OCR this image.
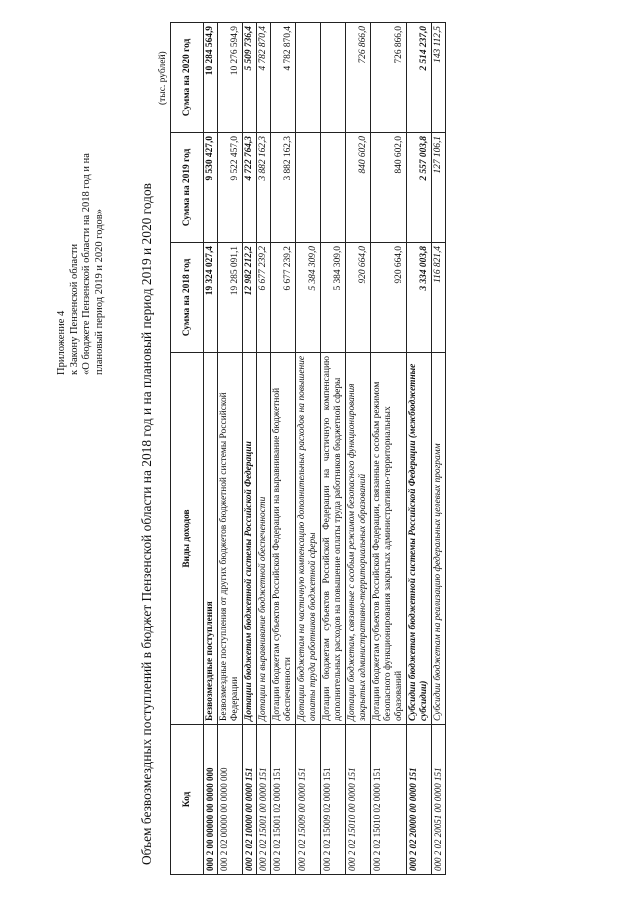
Приложение 4 к Закону Пензенской области «О бюджете Пензенской области на 2018 год и на плановый период 2019 и 2020 годов»	Объем безвозмездных поступлений в бюджет Пензенской области на 2018 год и на плановый период 2019 и 2020 годов
(тыс. рублей)
Код	Виды доходов	Сумма на 2018 год	Сумма на 2019 год	Сумма на 2020 год
000 2 00 00000 00 0000 000	Безвозмездные поступления	19 324 027,4	9 530 427,0	10 284 564,9
000 2 02 00000 00 0000 000	Безвозмездные поступления от других бюджетов бюджетной системы Российской Федерации	19 285 091,1	9 522 457,0	10 276 594,9
000 2 02 10000 00 0000 151	Дотации бюджетам бюджетной системы Российской Федерации	12 982 212,2	4 722 764,3	5 509 736,4
000 2 02 15001 00 0000 151	Дотации на выравнивание бюджетной обеспеченности	6 677 239,2	3 882 162,3	4 782 870,4
000 2 02 15001 02 0000 151	Дотации бюджетам субъектов Российской Федерации на выравнивание бюджетной обеспеченности	6 677 239,2	3 882 162,3	4 782 870,4
000 2 02 15009 00 0000 151	Дотации бюджетам на частичную компенсацию дополнительных расходов на повышение оплаты труда работников бюджетной сферы	5 384 309,0		
000 2 02 15009 02 0000 151	Дотации бюджетам субъектов Российской Федерации на частичную компенсацию дополнительных расходов на повышение оплаты труда работников бюджетной сферы	5 384 309,0		
000 2 02 15010 00 0000 151	Дотации бюджетам, связанные с особым режимом безопасного функционирования закрытых административно-территориальных образований	920 664,0	840 602,0	726 866,0
000 2 02 15010 02 0000 151	Дотации бюджетам субъектов Российской Федерации, связанные с особым режимом безопасного функционирования закрытых административно-территориальных образований	920 664,0	840 602,0	726 866,0
000 2 02 20000 00 0000 151	Субсидии бюджетам бюджетной системы Российской Федерации (межбюджетные субсидии)	3 334 003,8	2 557 003,8	2 514 237,0
000 2 02 20051 00 0000 151	Субсидии бюджетам на реализацию федеральных целевых программ	116 821,4	127 106,1	143 112,5
